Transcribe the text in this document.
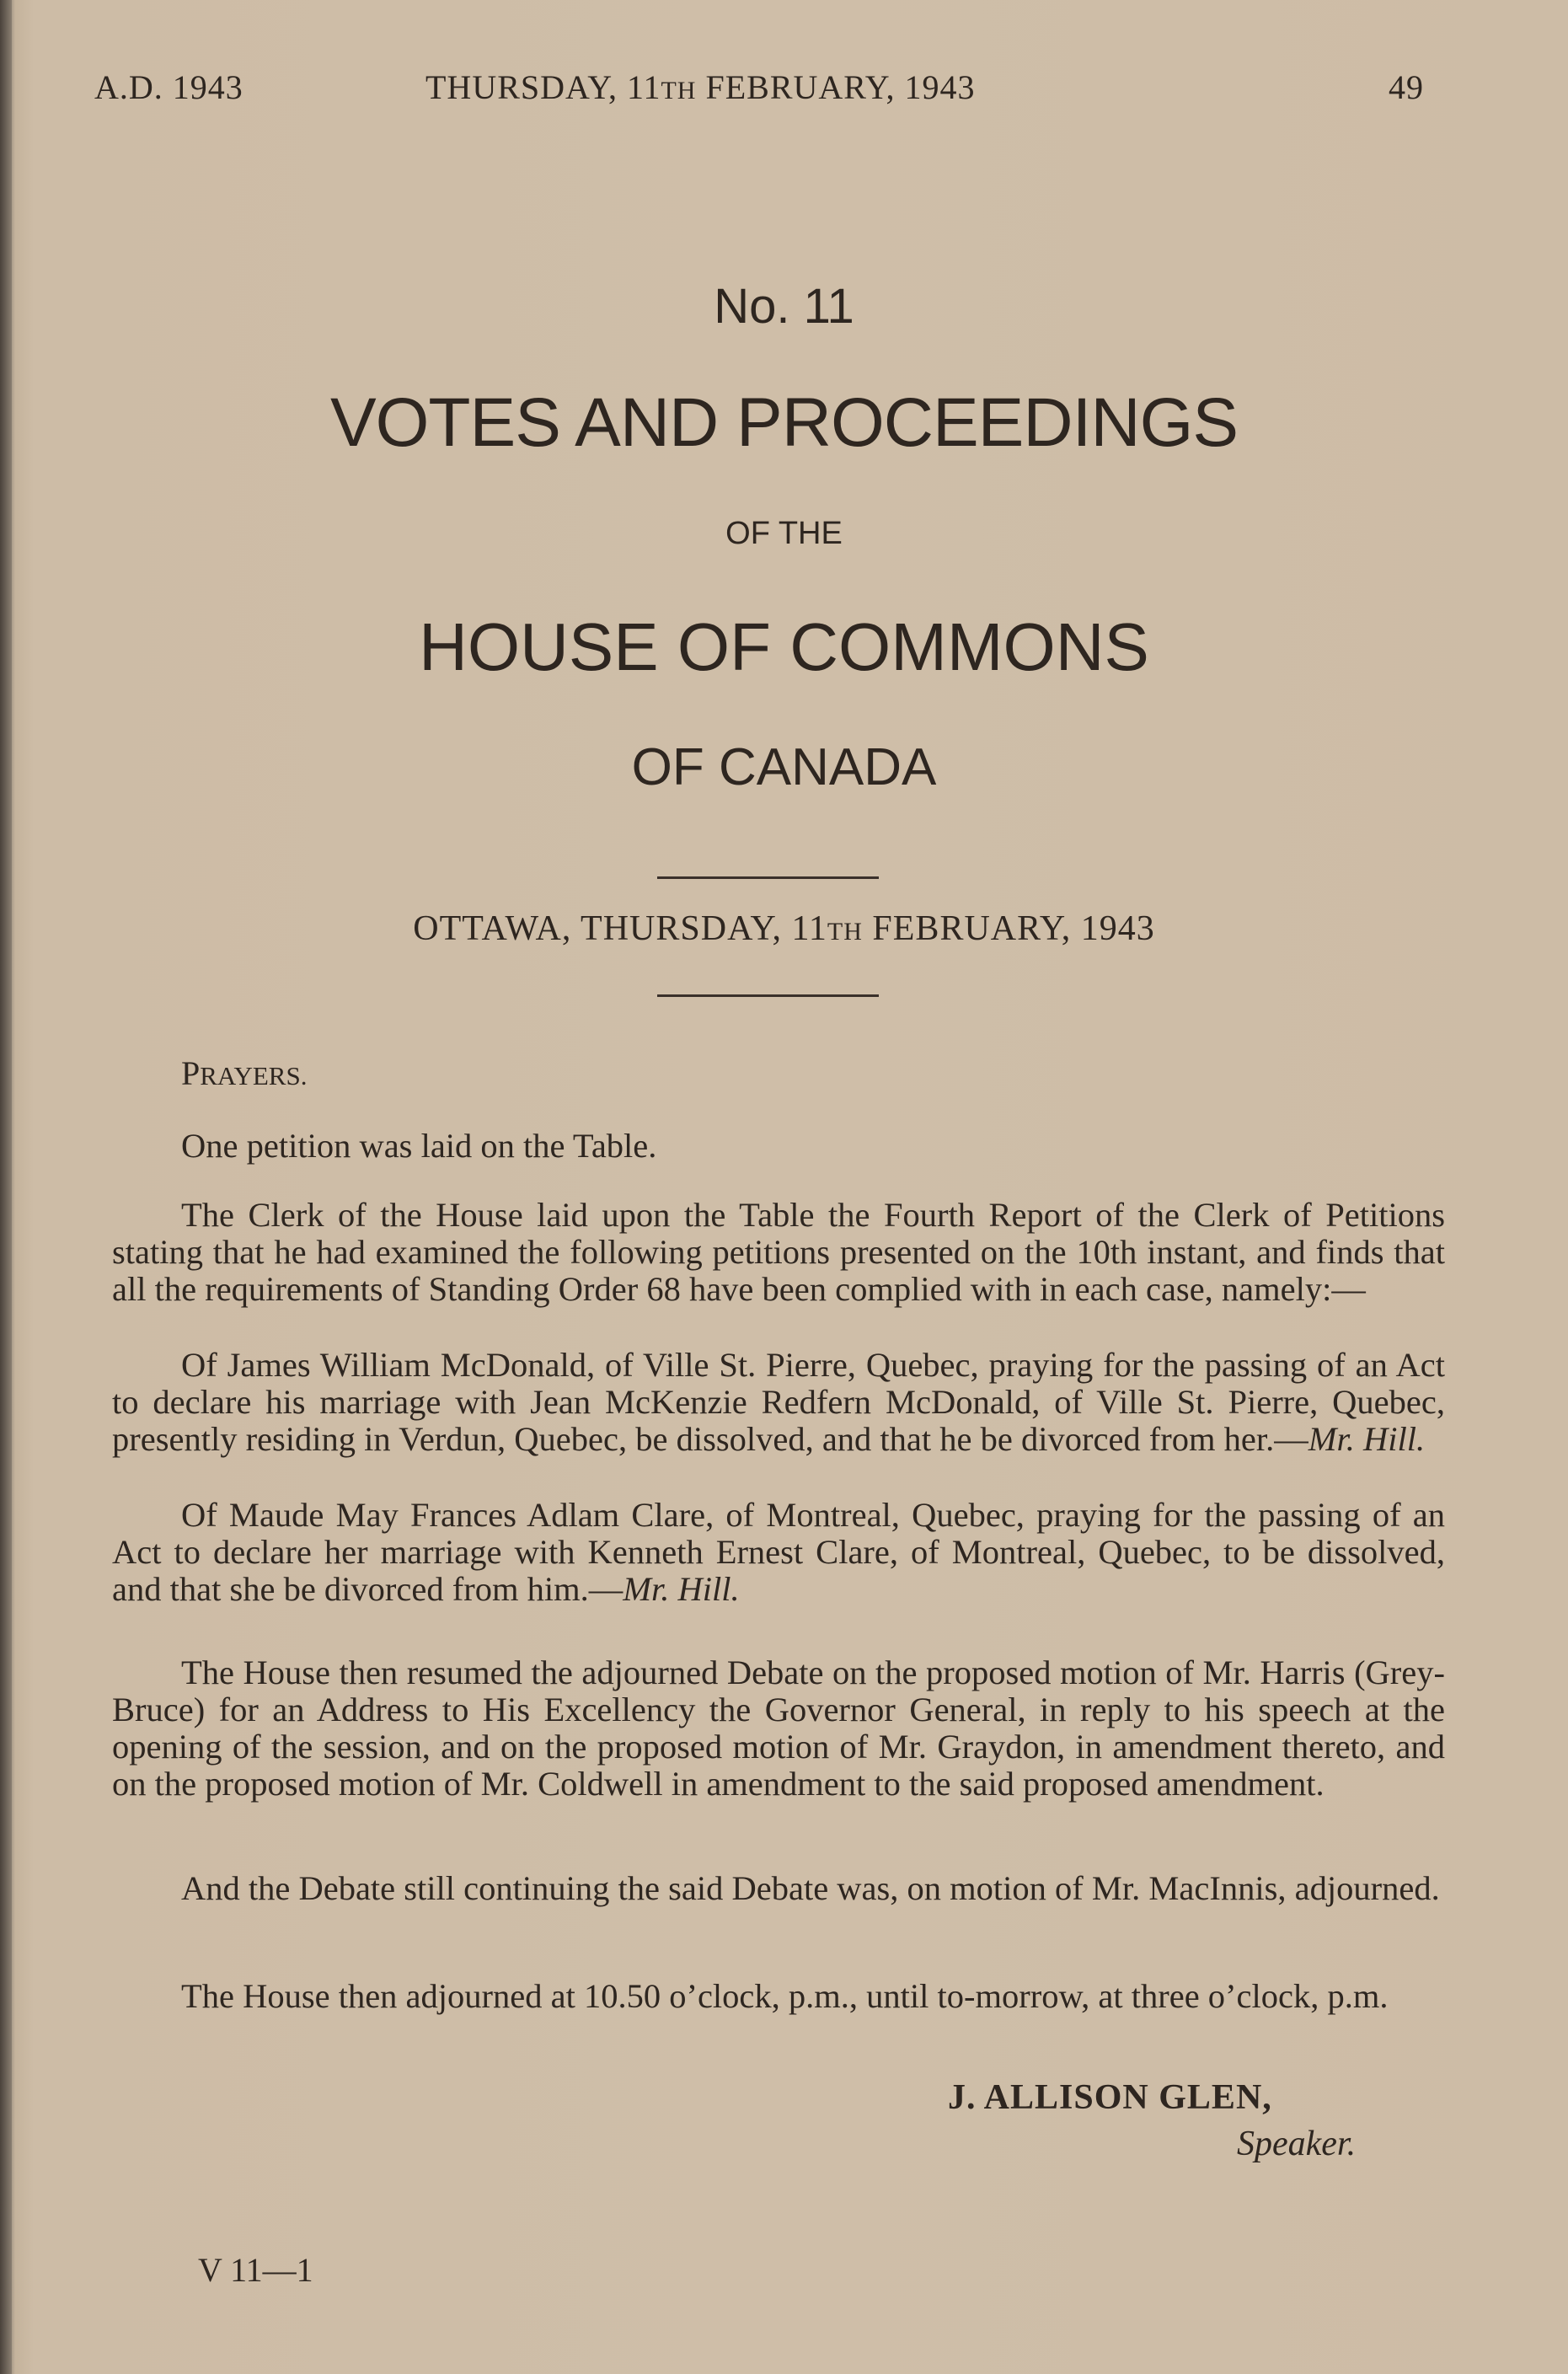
A.D. 1943	THURSDAY, 11TH FEBRUARY, 1943	49
No. 11
VOTES AND PROCEEDINGS
OF THE
HOUSE OF COMMONS
OF CANADA
OTTAWA, THURSDAY, 11TH FEBRUARY, 1943
PRAYERS.
One petition was laid on the Table.
The Clerk of the House laid upon the Table the Fourth Report of the Clerk of Petitions stating that he had examined the following petitions presented on the 10th instant, and finds that all the requirements of Standing Order 68 have been complied with in each case, namely:—
Of James William McDonald, of Ville St. Pierre, Quebec, praying for the passing of an Act to declare his marriage with Jean McKenzie Redfern McDonald, of Ville St. Pierre, Quebec, presently residing in Verdun, Quebec, be dissolved, and that he be divorced from her.—Mr. Hill.
Of Maude May Frances Adlam Clare, of Montreal, Quebec, praying for the passing of an Act to declare her marriage with Kenneth Ernest Clare, of Montreal, Quebec, to be dissolved, and that she be divorced from him.—Mr. Hill.
The House then resumed the adjourned Debate on the proposed motion of Mr. Harris (Grey-Bruce) for an Address to His Excellency the Governor General, in reply to his speech at the opening of the session, and on the proposed motion of Mr. Graydon, in amendment thereto, and on the proposed motion of Mr. Coldwell in amendment to the said proposed amendment.
And the Debate still continuing the said Debate was, on motion of Mr. MacInnis, adjourned.
The House then adjourned at 10.50 o’clock, p.m., until to-morrow, at three o’clock, p.m.
J. ALLISON GLEN,
Speaker.
V 11—1
